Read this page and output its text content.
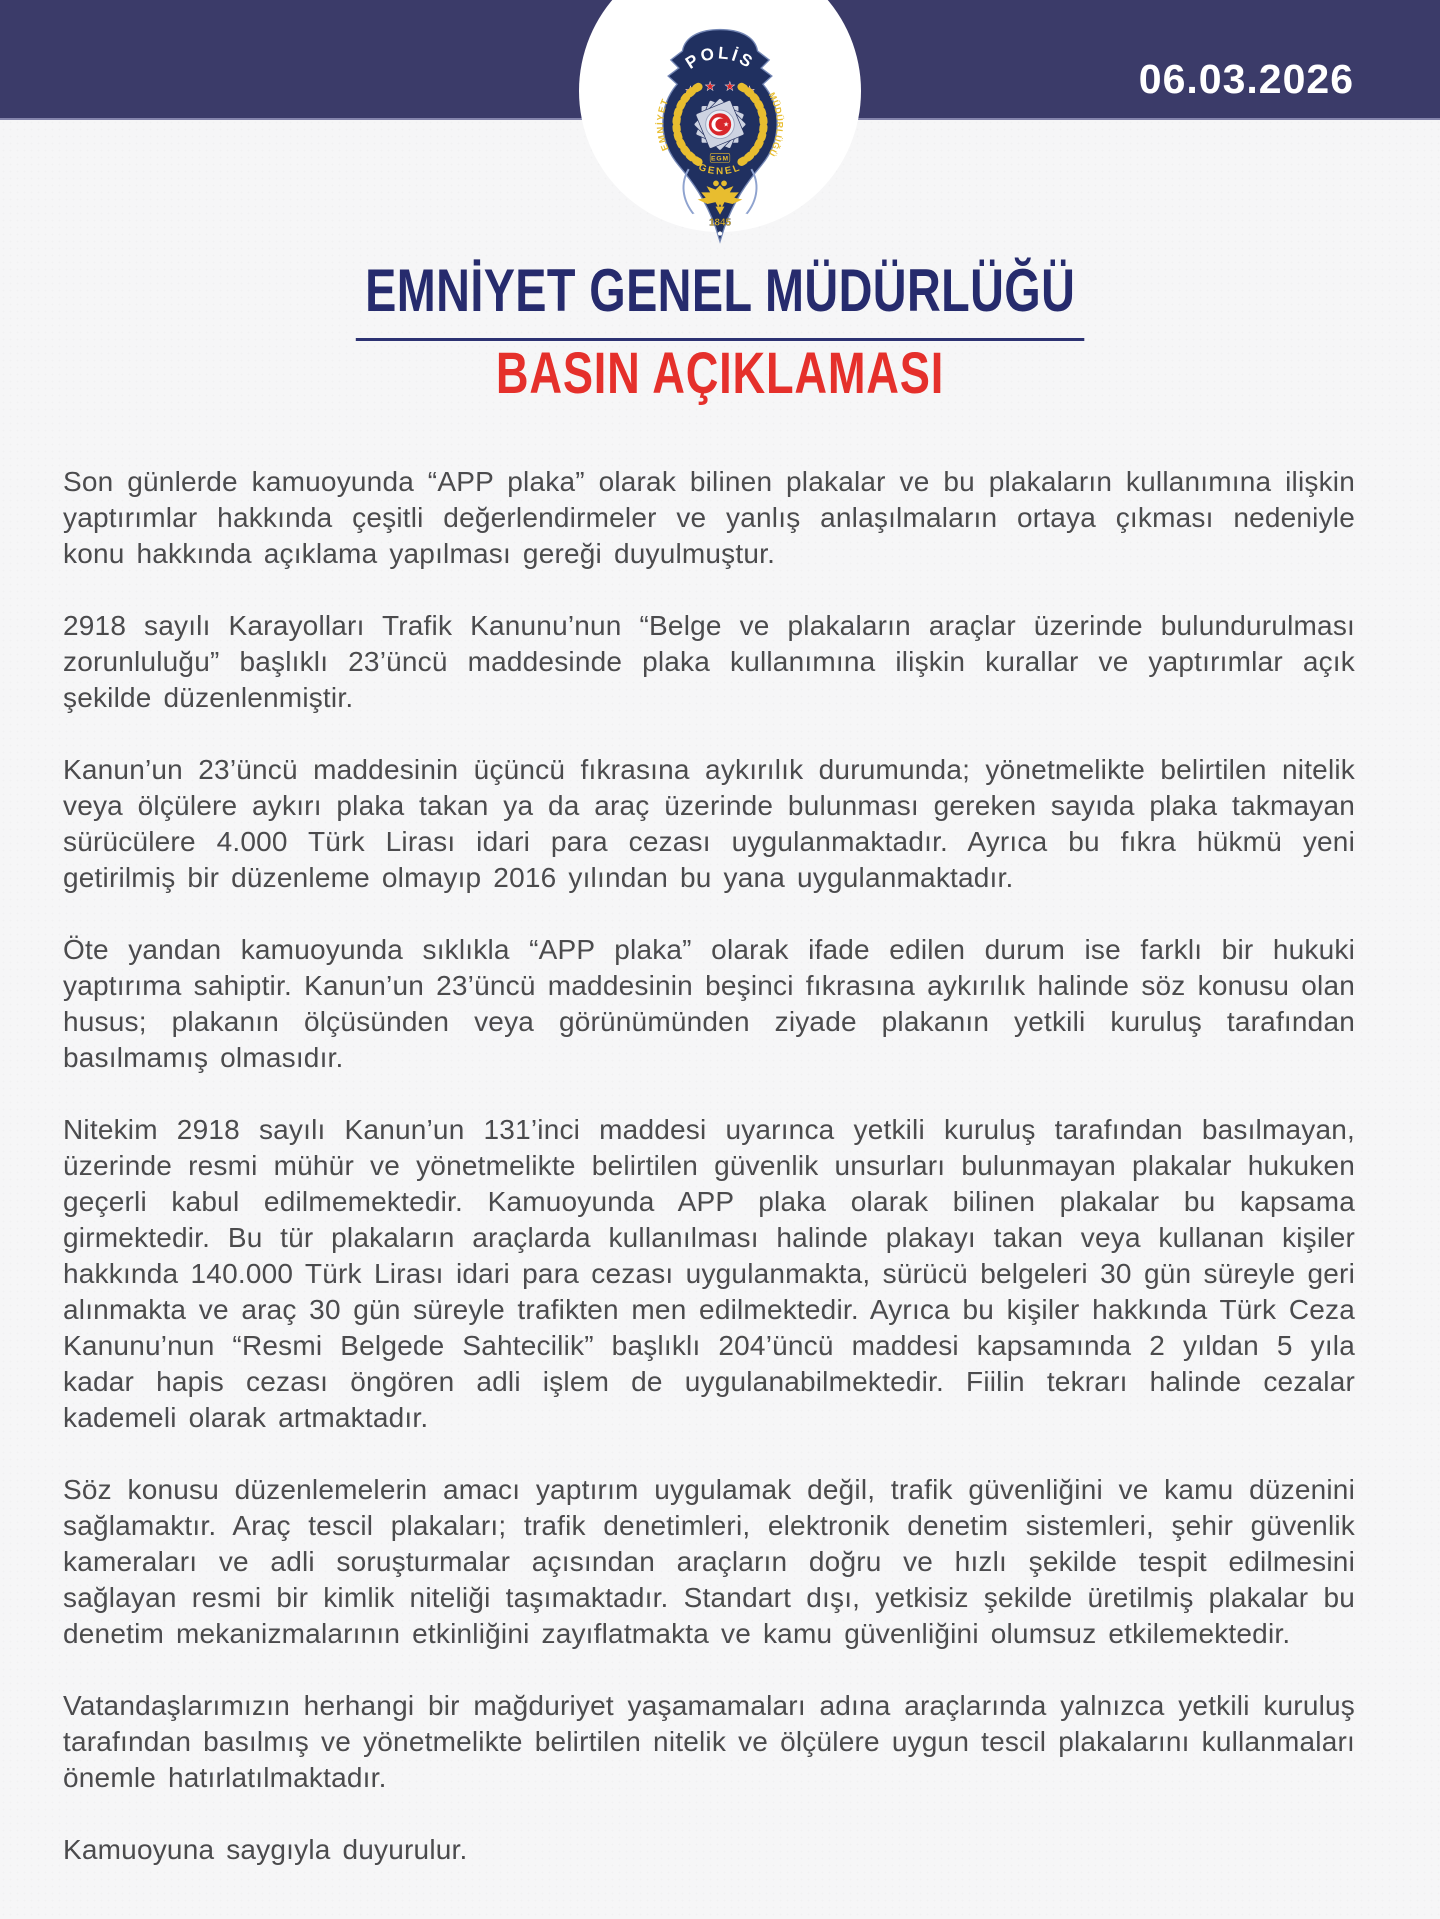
06.03.2026
POLİS
★ ★ ★ ★
★
EGM
EMNİYET	MÜDÜRLÜĞÜ
GENEL
1845
EMNİYET GENEL MÜDÜRLÜĞÜ
BASIN AÇIKLAMASI

Son günlerde kamuoyunda “APP plaka” olarak bilinen plakalar ve bu plakaların kullanımına ilişkin yaptırımlar hakkında çeşitli değerlendirmeler ve yanlış anlaşılmaların ortaya çıkması nedeniyle konu hakkında açıklama yapılması gereği duyulmuştur.

2918 sayılı Karayolları Trafik Kanunu’nun “Belge ve plakaların araçlar üzerinde bulundurulması zorunluluğu” başlıklı 23’üncü maddesinde plaka kullanımına ilişkin kurallar ve yaptırımlar açık şekilde düzenlenmiştir.

Kanun’un 23’üncü maddesinin üçüncü fıkrasına aykırılık durumunda; yönetmelikte belirtilen nitelik veya ölçülere aykırı plaka takan ya da araç üzerinde bulunması gereken sayıda plaka takmayan sürücülere 4.000 Türk Lirası idari para cezası uygulanmaktadır. Ayrıca bu fıkra hükmü yeni getirilmiş bir düzenleme olmayıp 2016 yılından bu yana uygulanmaktadır.

Öte yandan kamuoyunda sıklıkla “APP plaka” olarak ifade edilen durum ise farklı bir hukuki yaptırıma sahiptir. Kanun’un 23’üncü maddesinin beşinci fıkrasına aykırılık halinde söz konusu olan husus; plakanın ölçüsünden veya görünümünden ziyade plakanın yetkili kuruluş tarafından basılmamış olmasıdır.

Nitekim 2918 sayılı Kanun’un 131’inci maddesi uyarınca yetkili kuruluş tarafından basılmayan, üzerinde resmi mühür ve yönetmelikte belirtilen güvenlik unsurları bulunmayan plakalar hukuken geçerli kabul edilmemektedir. Kamuoyunda APP plaka olarak bilinen plakalar bu kapsama girmektedir. Bu tür plakaların araçlarda kullanılması halinde plakayı takan veya kullanan kişiler hakkında 140.000 Türk Lirası idari para cezası uygulanmakta, sürücü belgeleri 30 gün süreyle geri alınmakta ve araç 30 gün süreyle trafikten men edilmektedir. Ayrıca bu kişiler hakkında Türk Ceza Kanunu’nun “Resmi Belgede Sahtecilik” başlıklı 204’üncü maddesi kapsamında 2 yıldan 5 yıla kadar hapis cezası öngören adli işlem de uygulanabilmektedir. Fiilin tekrarı halinde cezalar kademeli olarak artmaktadır.

Söz konusu düzenlemelerin amacı yaptırım uygulamak değil, trafik güvenliğini ve kamu düzenini sağlamaktır. Araç tescil plakaları; trafik denetimleri, elektronik denetim sistemleri, şehir güvenlik kameraları ve adli soruşturmalar açısından araçların doğru ve hızlı şekilde tespit edilmesini sağlayan resmi bir kimlik niteliği taşımaktadır. Standart dışı, yetkisiz şekilde üretilmiş plakalar bu denetim mekanizmalarının etkinliğini zayıflatmakta ve kamu güvenliğini olumsuz etkilemektedir.

Vatandaşlarımızın herhangi bir mağduriyet yaşamamaları adına araçlarında yalnızca yetkili kuruluş tarafından basılmış ve yönetmelikte belirtilen nitelik ve ölçülere uygun tescil plakalarını kullanmaları önemle hatırlatılmaktadır.

Kamuoyuna saygıyla duyurulur.
